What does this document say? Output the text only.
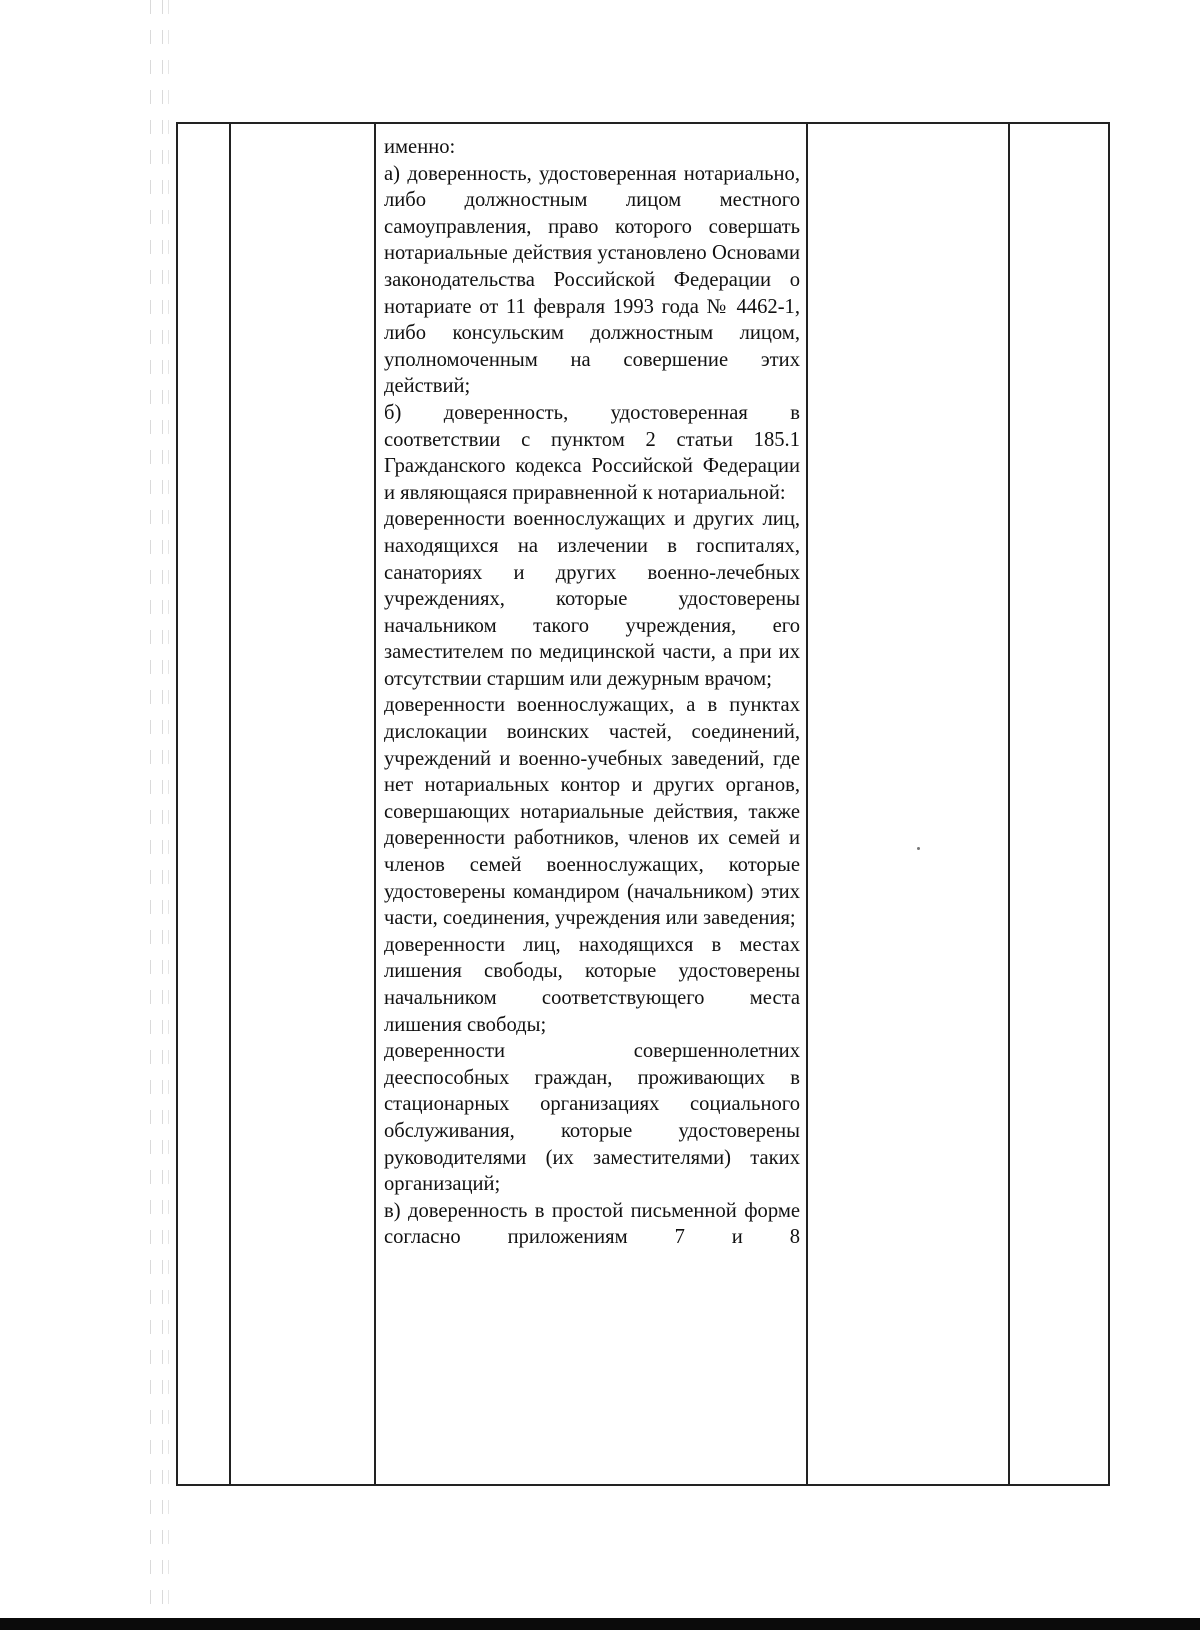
именно:

а) доверенность, удостоверенная нотариально, либо должностным лицом местного самоуправления, право которого совершать нотариальные действия установлено Основами законодательства Российской Федерации о нотариате от 11 февраля 1993 года № 4462-1, либо консульским должностным лицом, уполномоченным на совершение этих действий;

б) доверенность, удостоверенная в соответствии с пунктом 2 статьи 185.1 Гражданского кодекса Российской Федерации и являющаяся приравненной к нотариальной:

доверенности военнослужащих и других лиц, находящихся на излечении в госпиталях, санаториях и других военно-лечебных учреждениях, которые удостоверены начальником такого учреждения, его заместителем по медицинской части, а при их отсутствии старшим или дежурным врачом;

доверенности военнослужащих, а в пунктах дислокации воинских частей, соединений, учреждений и военно-учебных заведений, где нет нотариальных контор и других органов, совершающих нотариальные действия, также доверенности работников, членов их семей и членов семей военнослужащих, которые удостоверены командиром (начальником) этих части, соединения, учреждения или заведения;

доверенности лиц, находящихся в местах лишения свободы, которые удостоверены начальником соответствующего места лишения свободы;

доверенности совершеннолетних дееспособных граждан, проживающих в стационарных организациях социального обслуживания, которые удостоверены руководителями (их заместителями) таких организаций;

в) доверенность в простой письменной форме согласно приложениям 7 и 8
